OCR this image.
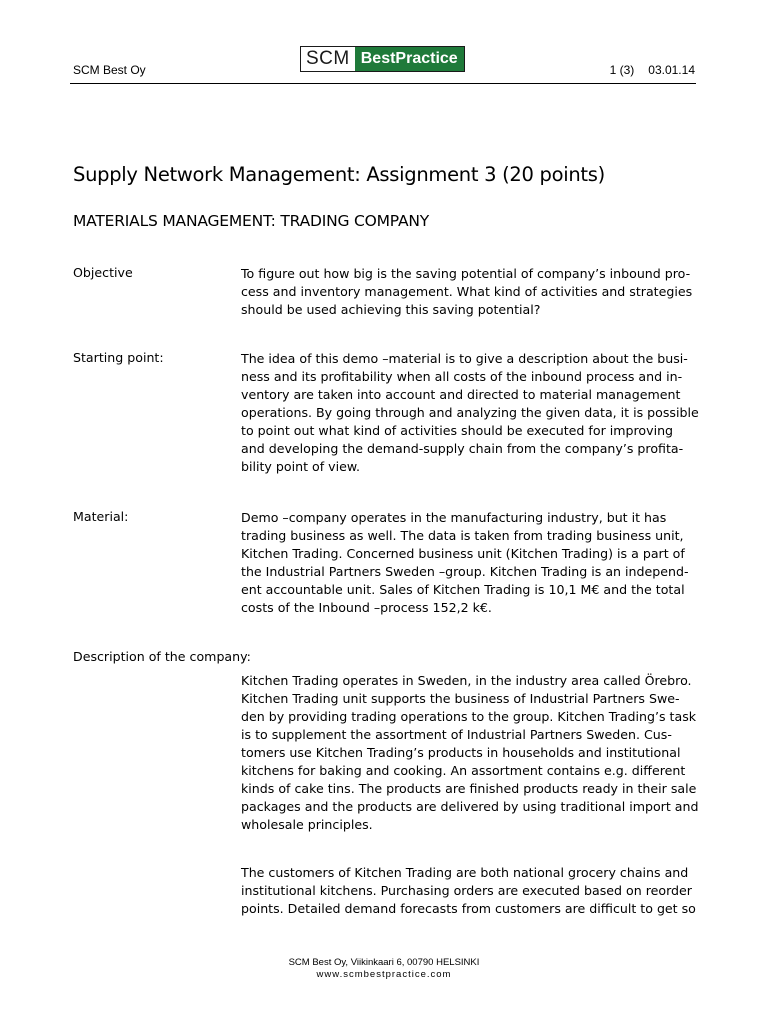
SCM Best Oy
SCM BestPractice
1 (3) 03.01.14
Supply Network Management: Assignment 3 (20 points)
MATERIALS MANAGEMENT: TRADING COMPANY
Objective	To figure out how big is the saving potential of company’s inbound pro-
cess and inventory management. What kind of activities and strategies
should be used achieving this saving potential?

Starting point:	The idea of this demo –material is to give a description about the busi-
ness and its profitability when all costs of the inbound process and in-
ventory are taken into account and directed to material management
operations. By going through and analyzing the given data, it is possible
to point out what kind of activities should be executed for improving
and developing the demand-supply chain from the company’s profita-
bility point of view.

Material:	Demo –company operates in the manufacturing industry, but it has
trading business as well. The data is taken from trading business unit,
Kitchen Trading. Concerned business unit (Kitchen Trading) is a part of
the Industrial Partners Sweden –group. Kitchen Trading is an independ-
ent accountable unit. Sales of Kitchen Trading is 10,1 M€ and the total
costs of the Inbound –process 152,2 k€.

Description of the company:

Kitchen Trading operates in Sweden, in the industry area called Örebro.
Kitchen Trading unit supports the business of Industrial Partners Swe-
den by providing trading operations to the group. Kitchen Trading’s task
is to supplement the assortment of Industrial Partners Sweden. Cus-
tomers use Kitchen Trading’s products in households and institutional
kitchens for baking and cooking. An assortment contains e.g. different
kinds of cake tins. The products are finished products ready in their sale
packages and the products are delivered by using traditional import and
wholesale principles.

The customers of Kitchen Trading are both national grocery chains and
institutional kitchens. Purchasing orders are executed based on reorder
points. Detailed demand forecasts from customers are difficult to get so

SCM Best Oy, Viikinkaari 6, 00790 HELSINKI
www.scmbestpractice.com
